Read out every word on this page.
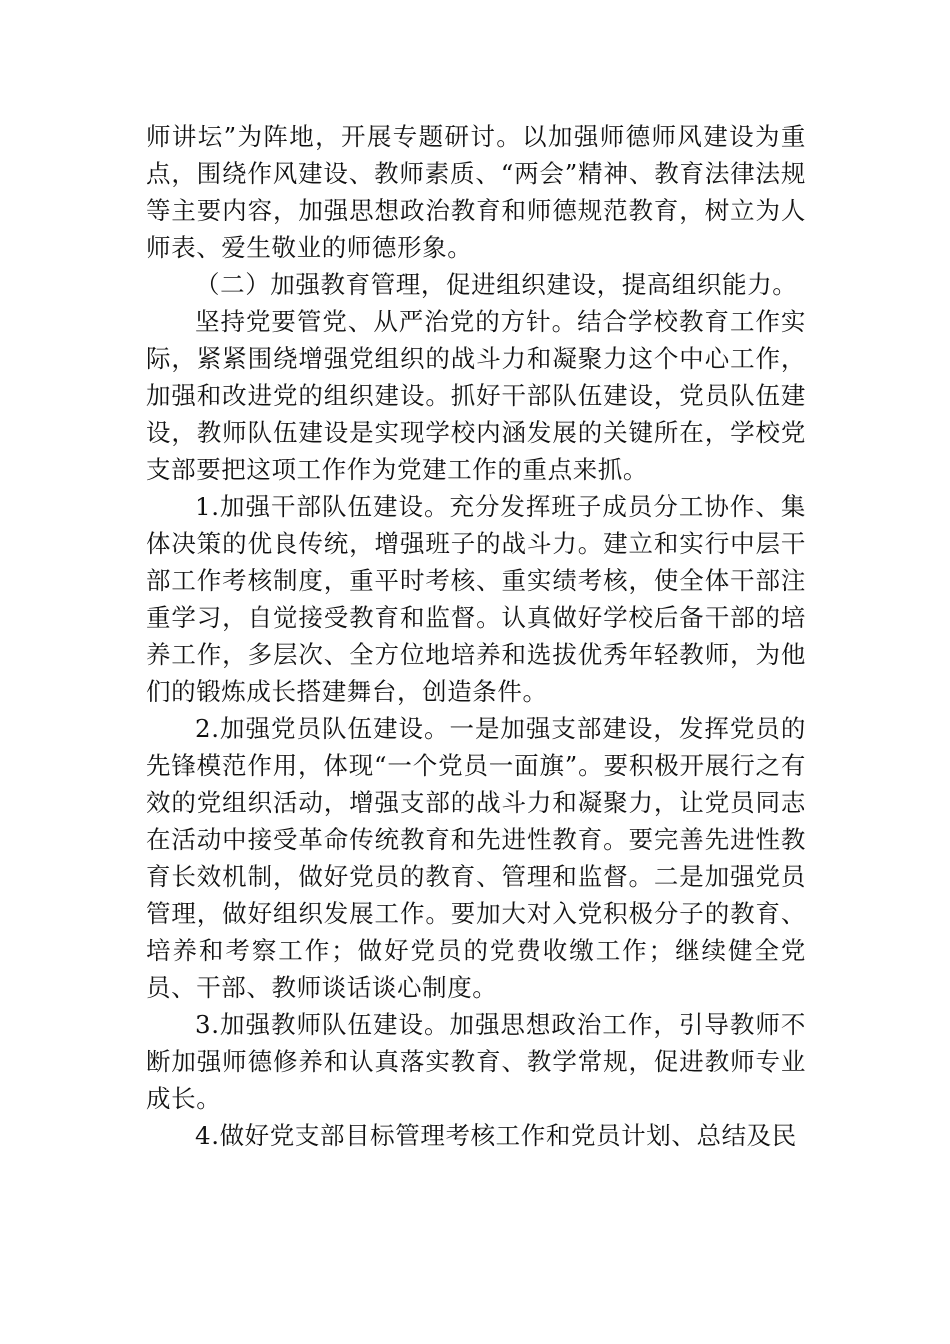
师讲坛”为阵地，开展专题研讨。以加强师德师风建设为重点，围绕作风建设、教师素质、“两会”精神、教育法律法规等主要内容，加强思想政治教育和师德规范教育，树立为人师表、爱生敬业的师德形象。

（二）加强教育管理，促进组织建设，提高组织能力。

坚持党要管党、从严治党的方针。结合学校教育工作实际，紧紧围绕增强党组织的战斗力和凝聚力这个中心工作，加强和改进党的组织建设。抓好干部队伍建设，党员队伍建设，教师队伍建设是实现学校内涵发展的关键所在，学校党支部要把这项工作作为党建工作的重点来抓。

1.加强干部队伍建设。充分发挥班子成员分工协作、集体决策的优良传统，增强班子的战斗力。建立和实行中层干部工作考核制度，重平时考核、重实绩考核，使全体干部注重学习，自觉接受教育和监督。认真做好学校后备干部的培养工作，多层次、全方位地培养和选拔优秀年轻教师，为他们的锻炼成长搭建舞台，创造条件。

2.加强党员队伍建设。一是加强支部建设，发挥党员的先锋模范作用，体现“一个党员一面旗”。要积极开展行之有效的党组织活动，增强支部的战斗力和凝聚力，让党员同志在活动中接受革命传统教育和先进性教育。要完善先进性教育长效机制，做好党员的教育、管理和监督。二是加强党员管理，做好组织发展工作。要加大对入党积极分子的教育、培养和考察工作；做好党员的党费收缴工作；继续健全党员、干部、教师谈话谈心制度。

3.加强教师队伍建设。加强思想政治工作，引导教师不断加强师德修养和认真落实教育、教学常规，促进教师专业成长。

4.做好党支部目标管理考核工作和党员计划、总结及民
